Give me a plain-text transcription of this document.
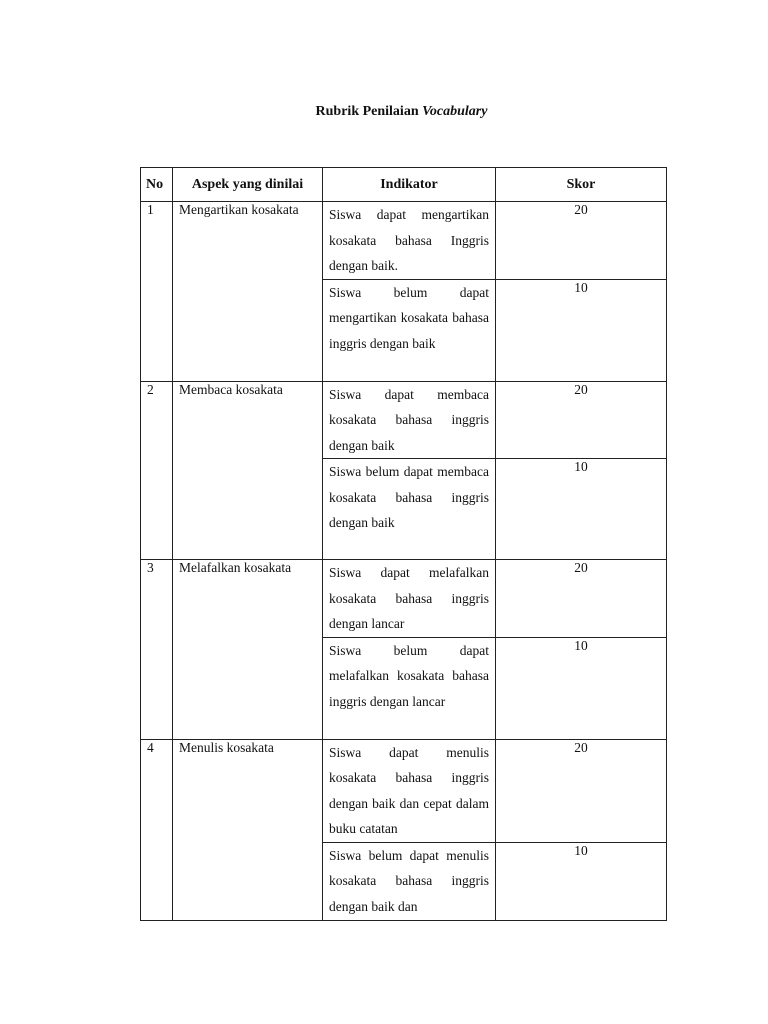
Rubrik Penilaian Vocabulary
No	Aspek yang dinilai	Indikator	Skor
1	Mengartikan kosakata	Siswa dapat mengartikan kosakata bahasa Inggris dengan baik.	20
		Siswa belum dapat mengartikan kosakata bahasa inggris dengan baik	10
2	Membaca kosakata	Siswa dapat membaca kosakata bahasa inggris dengan baik	20
		Siswa belum dapat membaca kosakata bahasa inggris dengan baik	10
3	Melafalkan kosakata	Siswa dapat melafalkan kosakata bahasa inggris dengan lancar	20
		Siswa belum dapat melafalkan kosakata bahasa inggris dengan lancar	10
4	Menulis kosakata	Siswa dapat menulis kosakata bahasa inggris dengan baik dan cepat dalam buku catatan	20
		Siswa belum dapat menulis kosakata bahasa inggris dengan baik dan	10
